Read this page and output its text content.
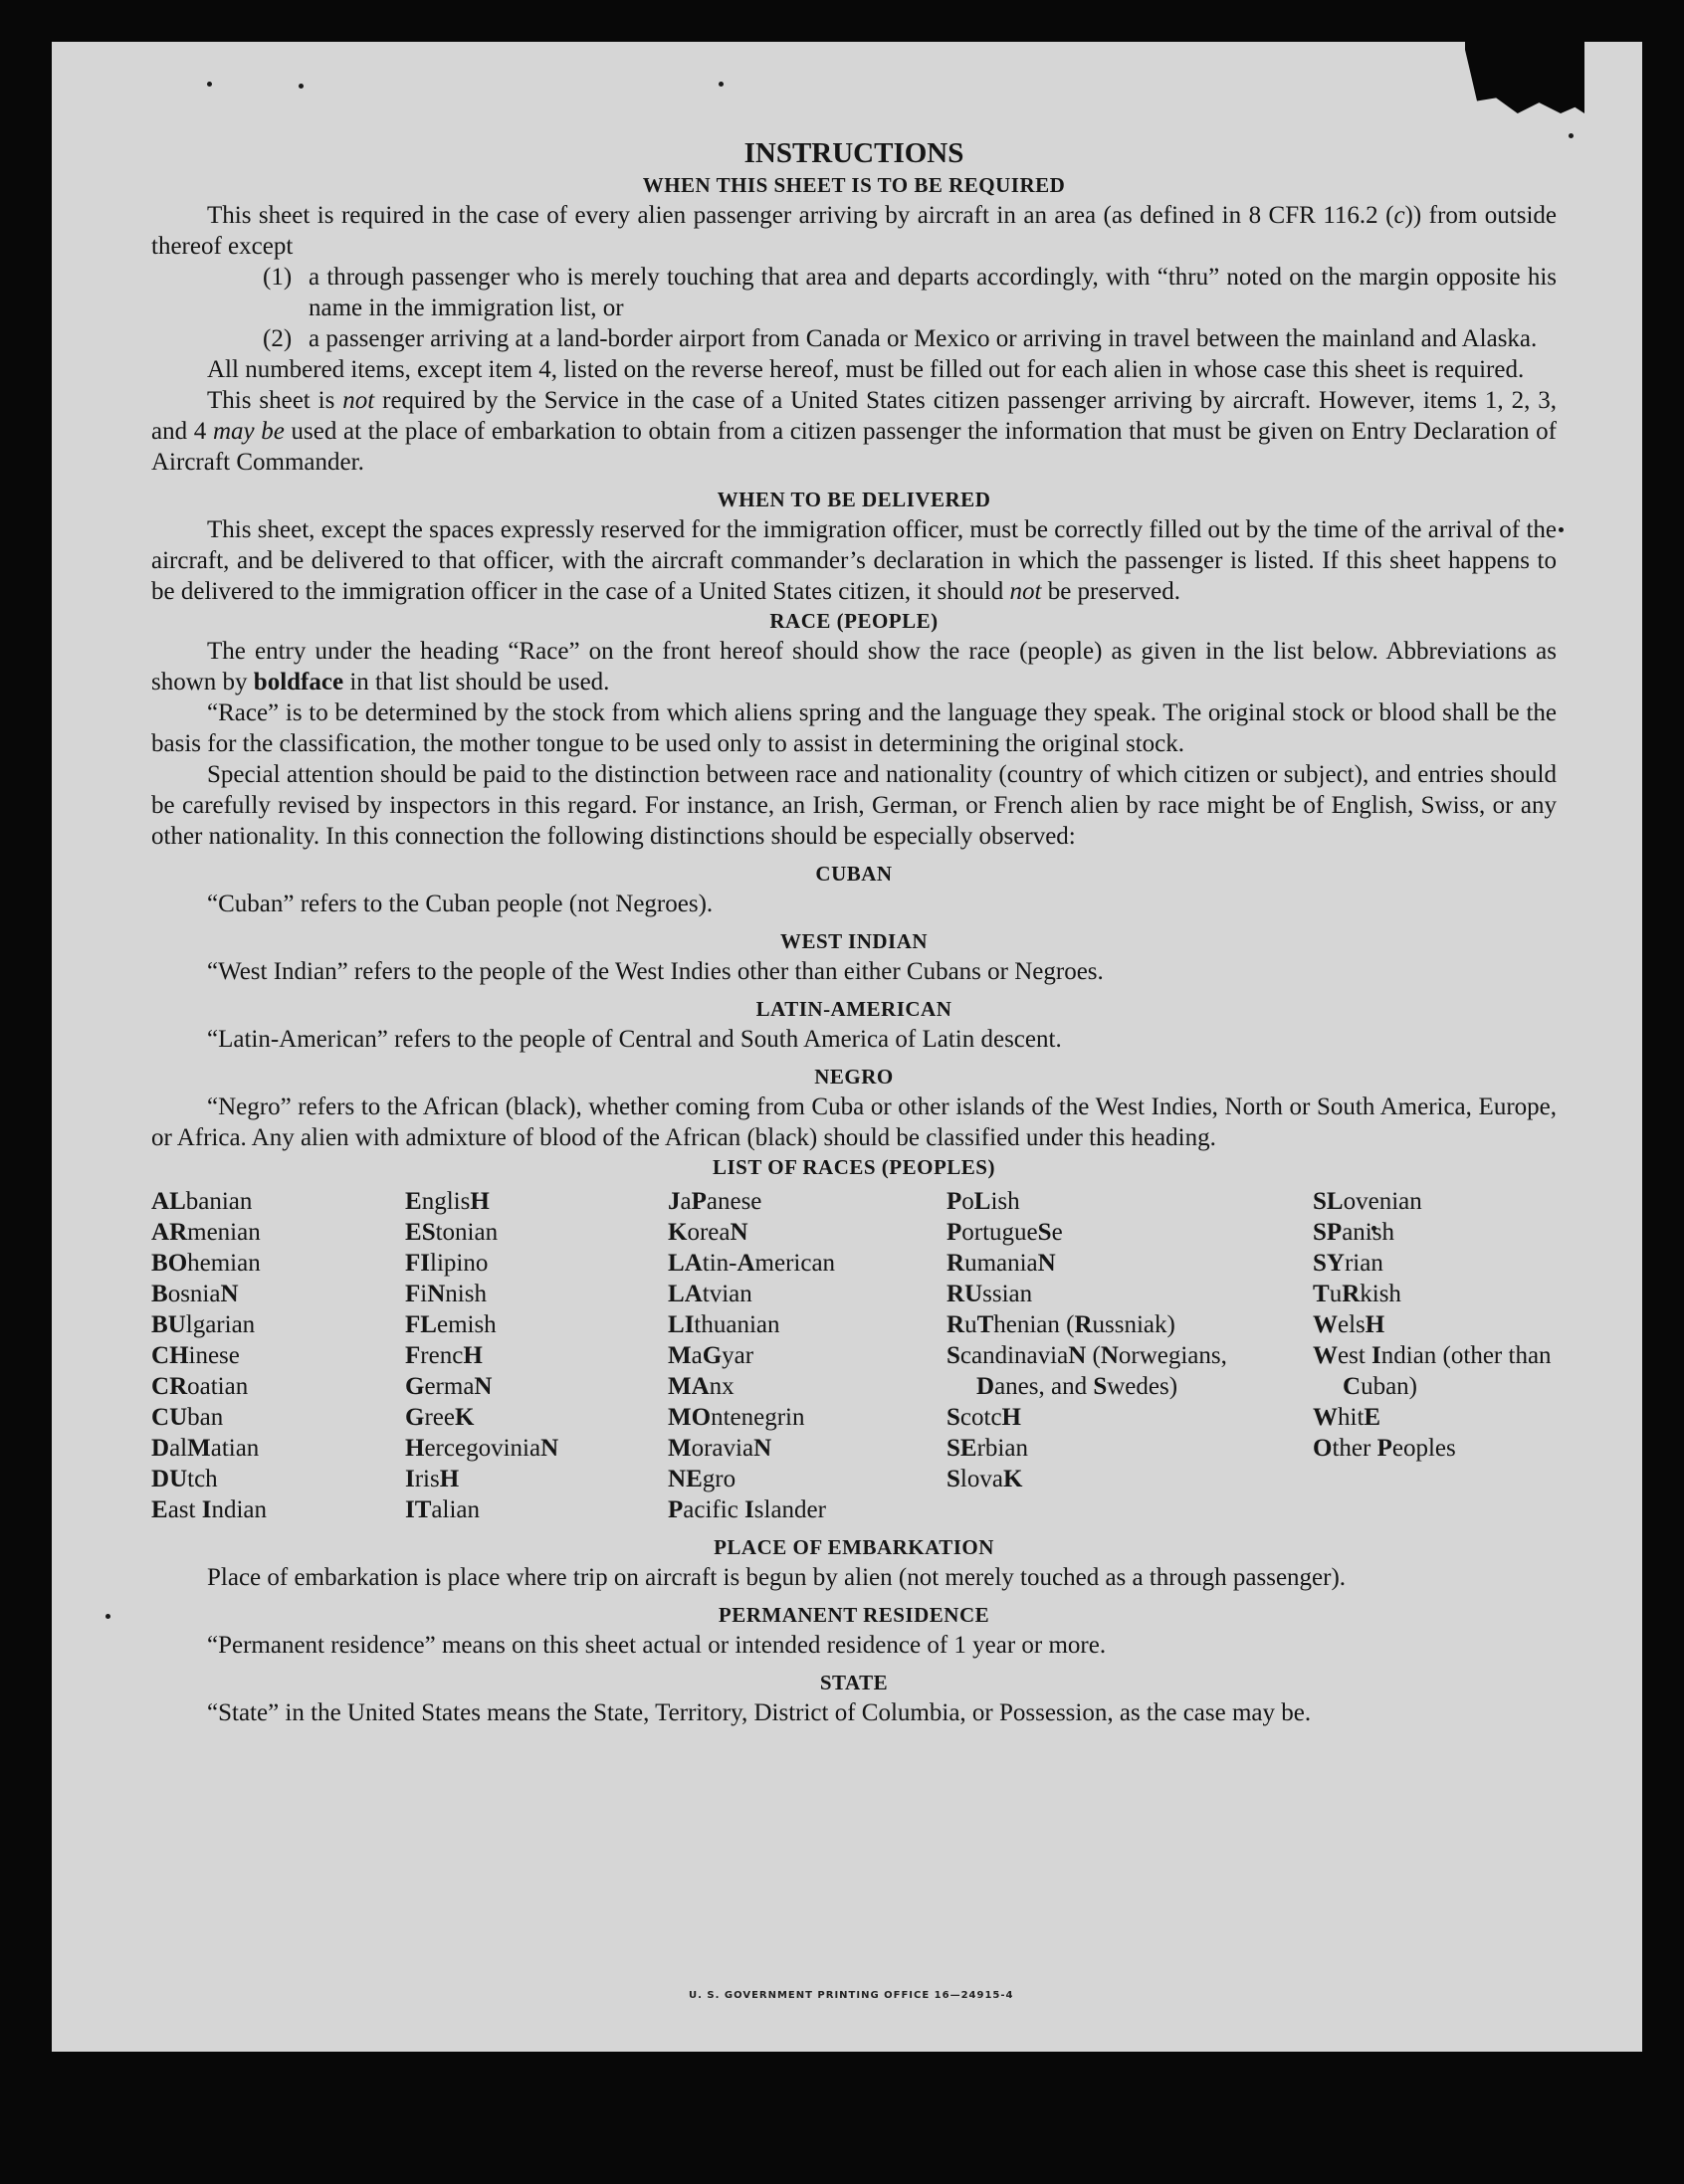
INSTRUCTIONS

WHEN THIS SHEET IS TO BE REQUIRED

This sheet is required in the case of every alien passenger arriving by aircraft in an area (as defined in 8 CFR 116.2 (c)) from outside thereof except

(1) a through passenger who is merely touching that area and departs accordingly, with “thru” noted on the margin opposite his name in the immigration list, or
(2) a passenger arriving at a land-border airport from Canada or Mexico or arriving in travel between the mainland and Alaska.

All numbered items, except item 4, listed on the reverse hereof, must be filled out for each alien in whose case this sheet is required.

This sheet is not required by the Service in the case of a United States citizen passenger arriving by aircraft. However, items 1, 2, 3, and 4 may be used at the place of embarkation to obtain from a citizen passenger the information that must be given on Entry Declaration of Aircraft Commander.

WHEN TO BE DELIVERED

This sheet, except the spaces expressly reserved for the immigration officer, must be correctly filled out by the time of the arrival of the aircraft, and be delivered to that officer, with the aircraft commander’s declaration in which the passenger is listed. If this sheet happens to be delivered to the immigration officer in the case of a United States citizen, it should not be preserved.

RACE (PEOPLE)

The entry under the heading “Race” on the front hereof should show the race (people) as given in the list below. Abbreviations as shown by boldface in that list should be used.

“Race” is to be determined by the stock from which aliens spring and the language they speak. The original stock or blood shall be the basis for the classification, the mother tongue to be used only to assist in determining the original stock.

Special attention should be paid to the distinction between race and nationality (country of which citizen or subject), and entries should be carefully revised by inspectors in this regard. For instance, an Irish, German, or French alien by race might be of English, Swiss, or any other nationality. In this connection the following distinctions should be especially observed:

CUBAN

“Cuban” refers to the Cuban people (not Negroes).

WEST INDIAN

“West Indian” refers to the people of the West Indies other than either Cubans or Negroes.

LATIN-AMERICAN

“Latin-American” refers to the people of Central and South America of Latin descent.

NEGRO

“Negro” refers to the African (black), whether coming from Cuba or other islands of the West Indies, North or South America, Europe, or Africa. Any alien with admixture of blood of the African (black) should be classified under this heading.

LIST OF RACES (PEOPLES)

ALbanian
ARmenian
BOhemian
BosniaN
BUlgarian
CHinese
CRoatian
CUban
DalMatian
DUtch
East Indian
EnglisH
EStonian
FIlipino
FiNnish
FLemish
FrencH
GermaN
GreeK
HercegoviniaN
IrisH
ITalian
JaPanese
KoreaN
LAtin-American
LAtvian
LIthuanian
MaGyar
MAnx
MOntenegrin
MoraviaN
NEgro
Pacific Islander
PoLish
PortugueSe
RumaniaN
RUssian
RuThenian (Russniak)
ScandinaviaN (Norwegians, Danes, and Swedes)
ScotcH
SErbian
SlovaK
SLovenian
SPanish
SYrian
TuRkish
WelsH
West Indian (other than Cuban)
WhitE
Other Peoples

PLACE OF EMBARKATION

Place of embarkation is place where trip on aircraft is begun by alien (not merely touched as a through passenger).

PERMANENT RESIDENCE

“Permanent residence” means on this sheet actual or intended residence of 1 year or more.

STATE

“State” in the United States means the State, Territory, District of Columbia, or Possession, as the case may be.

U. S. GOVERNMENT PRINTING OFFICE 16—24915-4
